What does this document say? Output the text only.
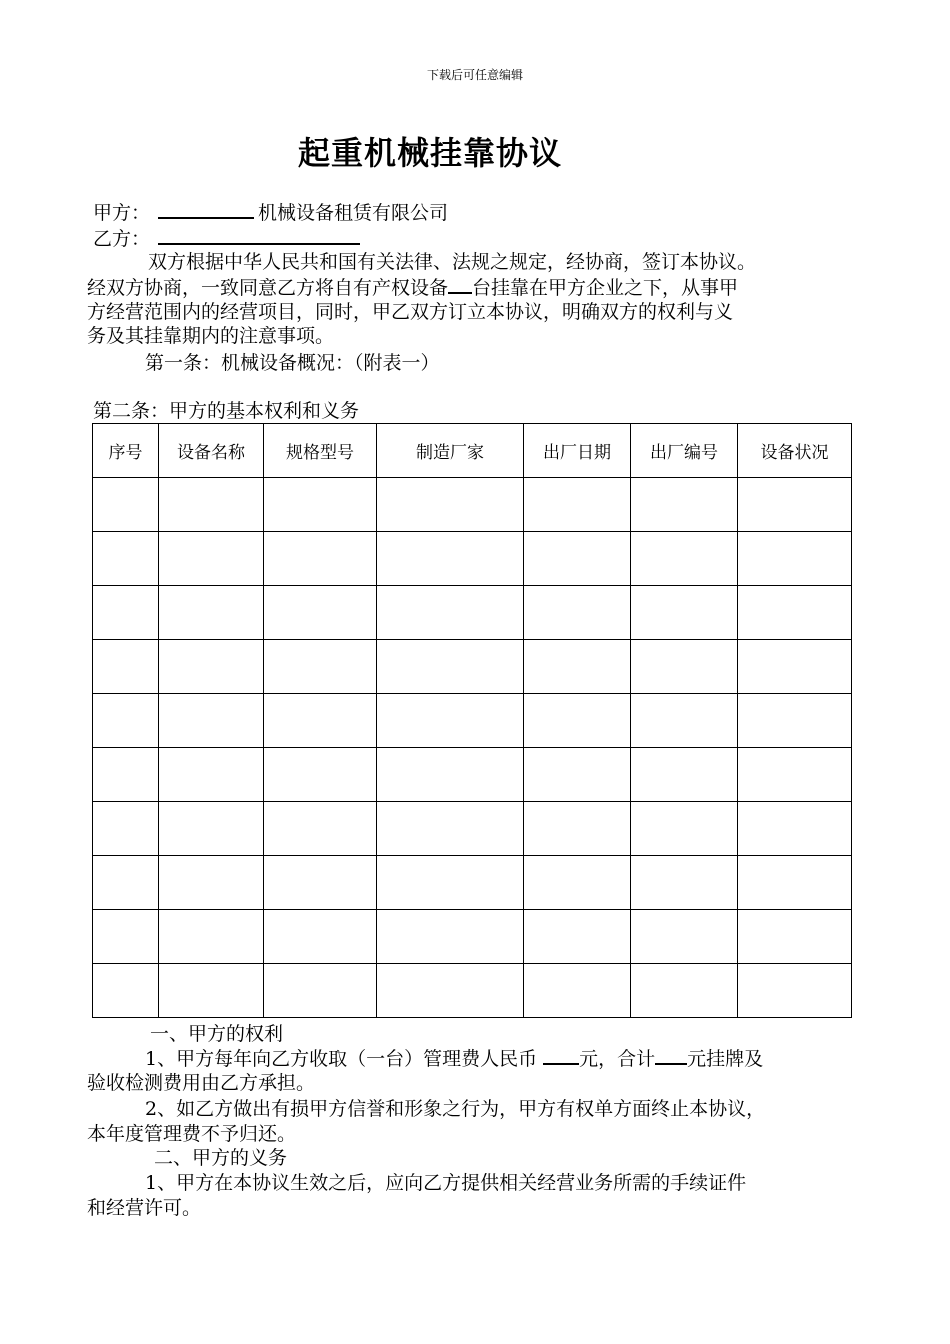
下载后可任意编辑
起重机械挂靠协议
甲方：	机械设备租赁有限公司
乙方：
双方根据中华人民共和国有关法律、法规之规定，经协商，签订本协议。
经双方协商，一致同意乙方将自有产权设备 台挂靠在甲方企业之下，从事甲
方经营范围内的经营项目，同时，甲乙双方订立本协议，明确双方的权利与义
务及其挂靠期内的注意事项。
第一条：机械设备概况：（附表一）
第二条：甲方的基本权利和义务
序号	设备名称	规格型号	制造厂家	出厂日期	出厂编号	设备状况

一、甲方的权利
1、甲方每年向乙方收取（一台）管理费人民币 元，合计 元挂牌及
验收检测费用由乙方承担。
2、如乙方做出有损甲方信誉和形象之行为，甲方有权单方面终止本协议，
本年度管理费不予归还。
二、甲方的义务
1、甲方在本协议生效之后，应向乙方提供相关经营业务所需的手续证件
和经营许可。
